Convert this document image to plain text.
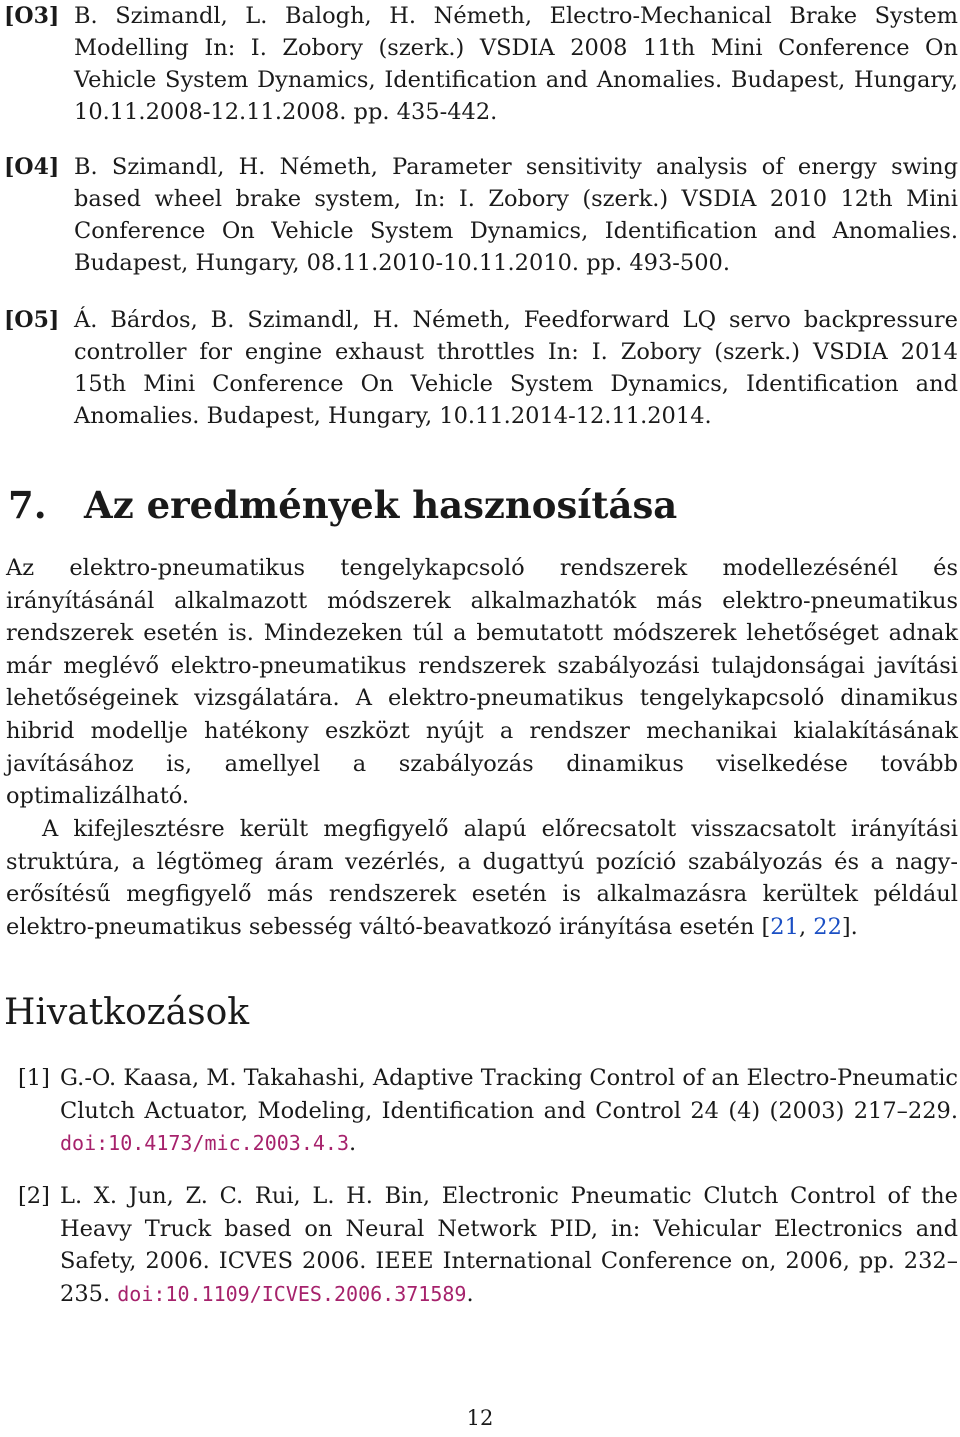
[O3] B. Szimandl, L. Balogh, H. Németh, Electro-Mechanical Brake System Modelling In: I. Zobory (szerk.) VSDIA 2008 11th Mini Conference On Vehicle System Dynamics, Identification and Anomalies. Budapest, Hungary, 10.11.2008-12.11.2008. pp. 435-442.
[O4] B. Szimandl, H. Németh, Parameter sensitivity analysis of energy swing based wheel brake system, In: I. Zobory (szerk.) VSDIA 2010 12th Mini Conference On Vehicle System Dynamics, Identification and Anomalies. Budapest, Hungary, 08.11.2010-10.11.2010. pp. 493-500.
[O5] Á. Bárdos, B. Szimandl, H. Németh, Feedforward LQ servo backpressure controller for engine exhaust throttles In: I. Zobory (szerk.) VSDIA 2014 15th Mini Conference On Vehicle System Dynamics, Identification and Anomalies. Budapest, Hungary, 10.11.2014-12.11.2014.
7. Az eredmények hasznosítása

Az elektro-pneumatikus tengelykapcsoló rendszerek modellezésénél és irányításánál alkalmazott módszerek alkalmazhatók más elektro-pneumatikus rendszerek esetén is. Mindezeken túl a bemutatott módszerek lehetőséget adnak már meglévő elektro-pneumatikus rendszerek szabályozási tulajdonságai javítási lehetőségeinek vizsgálatára. A elektro-pneumatikus tengelykapcsoló dinamikus hibrid modellje hatékony eszközt nyújt a rendszer mechanikai kialakításának javításához is, amellyel a szabályozás dinamikus viselkedése tovább optimalizálható.

A kifejlesztésre került megfigyelő alapú előrecsatolt visszacsatolt irányítási struktúra, a légtömeg áram vezérlés, a dugattyú pozíció szabályozás és a nagy-erősítésű megfigyelő más rendszerek esetén is alkalmazásra kerültek például elektro-pneumatikus sebesség váltó-beavatkozó irányítása esetén [21, 22].

Hivatkozások
[1] G.-O. Kaasa, M. Takahashi, Adaptive Tracking Control of an Electro-Pneumatic Clutch Actuator, Modeling, Identification and Control 24 (4) (2003) 217–229. doi:10.4173/mic.2003.4.3.
[2] L. X. Jun, Z. C. Rui, L. H. Bin, Electronic Pneumatic Clutch Control of the Heavy Truck based on Neural Network PID, in: Vehicular Electronics and Safety, 2006. ICVES 2006. IEEE International Conference on, 2006, pp. 232–235. doi:10.1109/ICVES.2006.371589.
12
